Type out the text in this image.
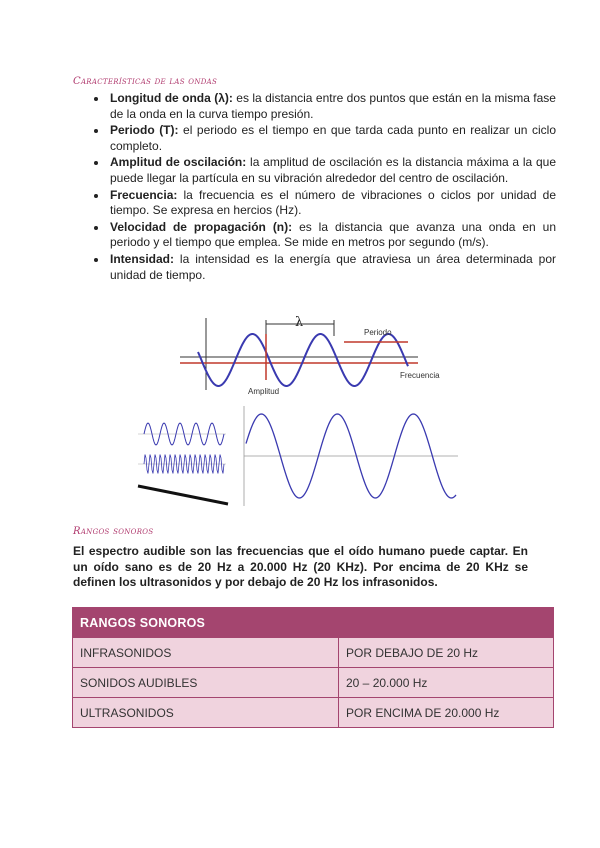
Características de las ondas
• Longitud de onda (λ): es la distancia entre dos puntos que están en la misma fase de la onda en la curva tiempo presión.
• Periodo (T): el periodo es el tiempo en que tarda cada punto en realizar un ciclo completo.
• Amplitud de oscilación: la amplitud de oscilación es la distancia máxima a la que puede llegar la partícula en su vibración alrededor del centro de oscilación.
• Frecuencia: la frecuencia es el número de vibraciones o ciclos por unidad de tiempo. Se expresa en hercios (Hz).
• Velocidad de propagación (n): es la distancia que avanza una onda en un periodo y el tiempo que emplea. Se mide en metros por segundo (m/s).
• Intensidad: la intensidad es la energía que atraviesa un área determinada por unidad de tiempo.
λ
Periodo
Frecuencia
Amplitud
Rangos sonoros
El espectro audible son las frecuencias que el oído humano puede captar. En un oído sano es de 20 Hz a 20.000 Hz (20 KHz). Por encima de 20 KHz se definen los ultrasonidos y por debajo de 20 Hz los infrasonidos.
RANGOS SONOROS	
INFRASONIDOS	POR DEBAJO DE 20 Hz
SONIDOS AUDIBLES	20 – 20.000 Hz
ULTRASONIDOS	POR ENCIMA DE 20.000 Hz
